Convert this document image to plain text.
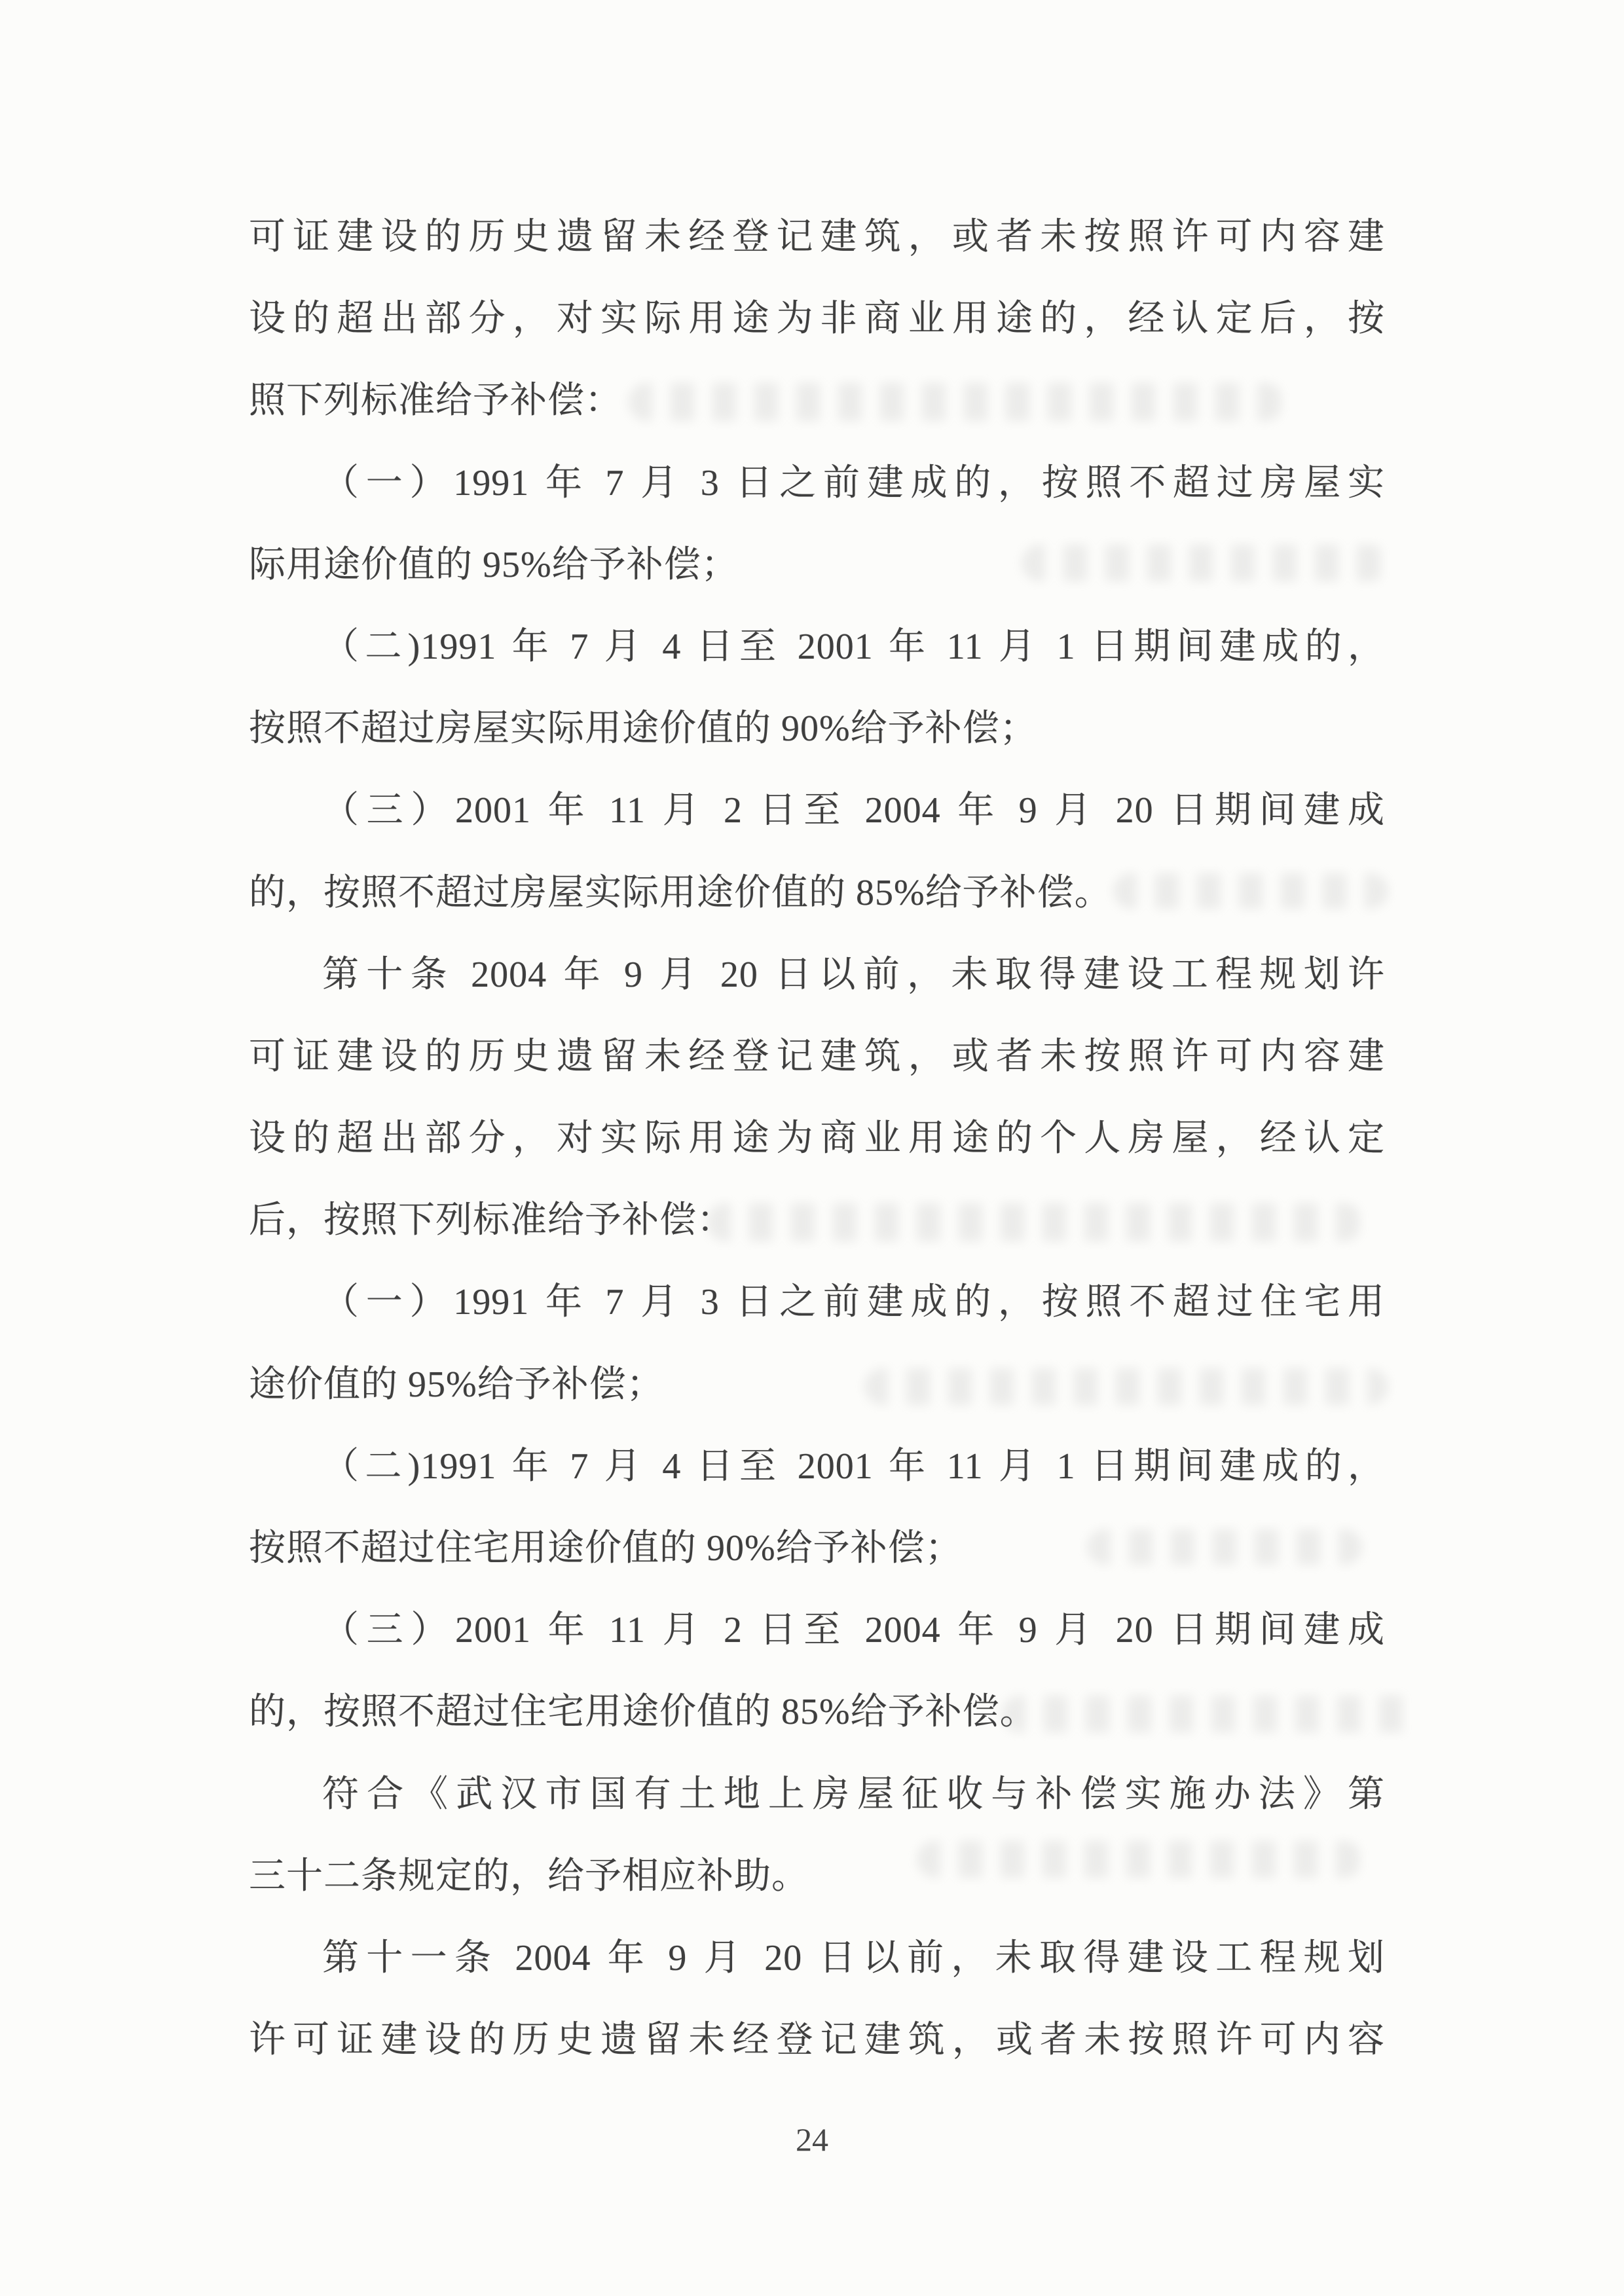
可证建设的历史遗留未经登记建筑，或者未按照许可内容建
设的超出部分，对实际用途为非商业用途的，经认定后，按
照下列标准给予补偿：
（一）1991 年 7 月 3 日之前建成的，按照不超过房屋实
际用途价值的 95%给予补偿；
（二)1991 年 7 月 4 日至 2001 年 11 月 1 日期间建成的，
按照不超过房屋实际用途价值的 90%给予补偿；
（三）2001 年 11 月 2 日至 2004 年 9 月 20 日期间建成
的，按照不超过房屋实际用途价值的 85%给予补偿。
第十条 2004 年 9 月 20 日以前，未取得建设工程规划许
可证建设的历史遗留未经登记建筑，或者未按照许可内容建
设的超出部分，对实际用途为商业用途的个人房屋，经认定
后，按照下列标准给予补偿：
（一）1991 年 7 月 3 日之前建成的，按照不超过住宅用
途价值的 95%给予补偿；
（二)1991 年 7 月 4 日至 2001 年 11 月 1 日期间建成的，
按照不超过住宅用途价值的 90%给予补偿；
（三）2001 年 11 月 2 日至 2004 年 9 月 20 日期间建成
的，按照不超过住宅用途价值的 85%给予补偿。
符合《武汉市国有土地上房屋征收与补偿实施办法》第
三十二条规定的，给予相应补助。
第十一条 2004 年 9 月 20 日以前，未取得建设工程规划
许可证建设的历史遗留未经登记建筑，或者未按照许可内容
24
